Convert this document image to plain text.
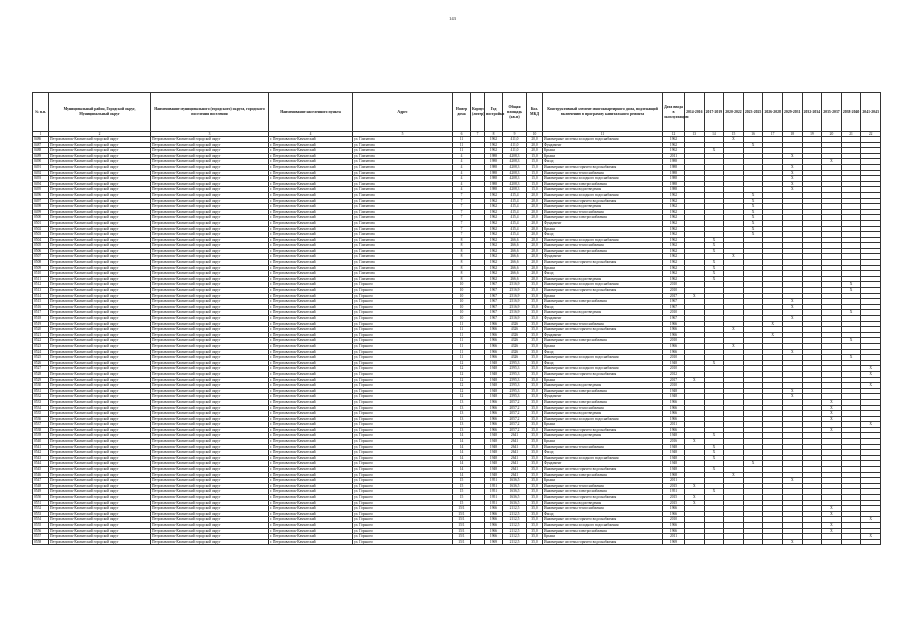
143
№ п.п.	Муниципальный район, Городской округ, Муниципальный округ	Наименование муниципального (городского) округа, городского поселения поселения	Наименование населенного пункта	Адрес	Номер дома	Корпус (литер)	Год постройки	Общая площадь (кв.м)	Кол. МКД	Конструктивный элемент многоквартирного дома, подлежащий включению в программу капитального ремонта	Дата ввода в эксплуатацию	2014-2016	2017-2019	2020-2022	2023-2025	2026-2028	2029-2031	2032-2034	2035-2037	2038-2040	2041-2043
1	2	3	4	5	6	7	8	9	10	11	12	13	14	15	16	17	18	19	20	21	22
0486	Петропавловск-Камчатский городской округ	Петропавловск-Камчатский городской округ	г. Петропавловск-Камчатский	ул. Гамзатова	11		1962	411,0	20,0	Инженерные системы холодного водоснабжения	1962			X							
0487	Петропавловск-Камчатский городской округ	Петропавловск-Камчатский городской округ	г. Петропавловск-Камчатский	ул. Гамзатова	11		1962	411,0	20,0	Фундамент	1962				X						
0488	Петропавловск-Камчатский городской округ	Петропавловск-Камчатский городской округ	г. Петропавловск-Камчатский	ул. Гамзатова	11		1962	411,0	20,0	Крыша	1962		X								
0489	Петропавловск-Камчатский городской округ	Петропавловск-Камчатский городской округ	г. Петропавловск-Камчатский	ул. Гамзатова	4		1988	4208,3	15,0	Крыша	2011						X				
0490	Петропавловск-Камчатский городской округ	Петропавловск-Камчатский городской округ	г. Петропавловск-Камчатский	ул. Гамзатова	4		1988	4208,3	15,0	Фасад	1988								X		
0491	Петропавловск-Камчатский городской округ	Петропавловск-Камчатский городской округ	г. Петропавловск-Камчатский	ул. Гамзатова	4		1988	4208,3	15,0	Инженерные системы горячего водоснабжения	1988						X				
0492	Петропавловск-Камчатский городской округ	Петропавловск-Камчатский городской округ	г. Петропавловск-Камчатский	ул. Гамзатова	4		1988	4208,3	15,0	Инженерные системы теплоснабжения	1988						X				
0493	Петропавловск-Камчатский городской округ	Петропавловск-Камчатский городской округ	г. Петропавловск-Камчатский	ул. Гамзатова	4		1988	4208,3	15,0	Инженерные системы холодного водоснабжения	1988						X				
0494	Петропавловск-Камчатский городской округ	Петропавловск-Камчатский городской округ	г. Петропавловск-Камчатский	ул. Гамзатова	4		1988	4208,3	15,0	Инженерные системы электроснабжения	1988						X				
0495	Петропавловск-Камчатский городской округ	Петропавловск-Камчатский городской округ	г. Петропавловск-Камчатский	ул. Гамзатова	4		1988	4208,3	15,0	Инженерные системы водоотведения	1988						X				
0496	Петропавловск-Камчатский городской округ	Петропавловск-Камчатский городской округ	г. Петропавловск-Камчатский	ул. Гамзатова	7		1962	415,4	20,0	Инженерные системы холодного водоснабжения	1962				X						
0497	Петропавловск-Камчатский городской округ	Петропавловск-Камчатский городской округ	г. Петропавловск-Камчатский	ул. Гамзатова	7		1962	415,4	20,0	Инженерные системы горячего водоснабжения	1962				X						
0498	Петропавловск-Камчатский городской округ	Петропавловск-Камчатский городской округ	г. Петропавловск-Камчатский	ул. Гамзатова	7		1962	415,4	20,0	Инженерные системы водоотведения	1962				X						
0499	Петропавловск-Камчатский городской округ	Петропавловск-Камчатский городской округ	г. Петропавловск-Камчатский	ул. Гамзатова	7		1962	415,4	20,0	Инженерные системы теплоснабжения	1962				X						
0500	Петропавловск-Камчатский городской округ	Петропавловск-Камчатский городской округ	г. Петропавловск-Камчатский	ул. Гамзатова	7		1962	415,4	20,0	Инженерные системы электроснабжения	1962				X						
0501	Петропавловск-Камчатский городской округ	Петропавловск-Камчатский городской округ	г. Петропавловск-Камчатский	ул. Гамзатова	7		1962	415,4	20,0	Фундамент	1962				X						
0502	Петропавловск-Камчатский городской округ	Петропавловск-Камчатский городской округ	г. Петропавловск-Камчатский	ул. Гамзатова	7		1962	415,4	20,0	Крыша	1962				X						
0503	Петропавловск-Камчатский городской округ	Петропавловск-Камчатский городской округ	г. Петропавловск-Камчатский	ул. Гамзатова	7		1962	415,4	20,0	Фасад	1962				X						
0504	Петропавловск-Камчатский городской округ	Петропавловск-Камчатский городской округ	г. Петропавловск-Камчатский	ул. Гамзатова	8		1962	266,6	20,0	Инженерные системы холодного водоснабжения	1962		X								
0505	Петропавловск-Камчатский городской округ	Петропавловск-Камчатский городской округ	г. Петропавловск-Камчатский	ул. Гамзатова	8		1962	266,6	20,0	Инженерные системы теплоснабжения	1962		X								
0506	Петропавловск-Камчатский городской округ	Петропавловск-Камчатский городской округ	г. Петропавловск-Камчатский	ул. Гамзатова	8		1962	266,6	20,0	Инженерные системы электроснабжения	1962		X								
0507	Петропавловск-Камчатский городской округ	Петропавловск-Камчатский городской округ	г. Петропавловск-Камчатский	ул. Гамзатова	8		1962	266,6	20,0	Фундамент	1962			X							
0508	Петропавловск-Камчатский городской округ	Петропавловск-Камчатский городской округ	г. Петропавловск-Камчатский	ул. Гамзатова	8		1962	266,6	20,0	Инженерные системы горячего водоснабжения	1962		X								
0509	Петропавловск-Камчатский городской округ	Петропавловск-Камчатский городской округ	г. Петропавловск-Камчатский	ул. Гамзатова	8		1962	266,6	20,0	Крыша	1962		X								
0510	Петропавловск-Камчатский городской округ	Петропавловск-Камчатский городской округ	г. Петропавловск-Камчатский	ул. Гамзатова	8		1962	266,6	20,0	Фасад	1962		X								
0511	Петропавловск-Камчатский городской округ	Петропавловск-Камчатский городской округ	г. Петропавловск-Камчатский	ул. Гамзатова	8		1962	266,6	20,0	Инженерные системы водоотведения	1962		X								
0512	Петропавловск-Камчатский городской округ	Петропавловск-Камчатский городской округ	г. Петропавловск-Камчатский	ул. Горького	10		1967	2516,9	35,0	Инженерные системы холодного водоснабжения	2010									X	
0513	Петропавловск-Камчатский городской округ	Петропавловск-Камчатский городской округ	г. Петропавловск-Камчатский	ул. Горького	10		1967	2516,9	35,0	Инженерные системы горячего водоснабжения	2010									X	
0514	Петропавловск-Камчатский городской округ	Петропавловск-Камчатский городской округ	г. Петропавловск-Камчатский	ул. Горького	10		1967	2516,9	35,0	Крыша	2017	X									
0515	Петропавловск-Камчатский городской округ	Петропавловск-Камчатский городской округ	г. Петропавловск-Камчатский	ул. Горького	10		1967	2516,9	35,0	Инженерные системы электроснабжения	1967						X				
0516	Петропавловск-Камчатский городской округ	Петропавловск-Камчатский городской округ	г. Петропавловск-Камчатский	ул. Горького	10		1967	2516,9	35,0	Фасад	1967						X				
0517	Петропавловск-Камчатский городской округ	Петропавловск-Камчатский городской округ	г. Петропавловск-Камчатский	ул. Горького	10		1967	2516,9	35,0	Инженерные системы водоотведения	2010									X	
0518	Петропавловск-Камчатский городской округ	Петропавловск-Камчатский городской округ	г. Петропавловск-Камчатский	ул. Горького	10		1967	2516,9	35,0	Фундамент	1967						X				
0519	Петропавловск-Камчатский городской округ	Петропавловск-Камчатский городской округ	г. Петропавловск-Камчатский	ул. Горького	11		1966	4326	35,0	Инженерные системы теплоснабжения	1966					X					
0520	Петропавловск-Камчатский городской округ	Петропавловск-Камчатский городской округ	г. Петропавловск-Камчатский	ул. Горького	11		1966	4326	35,0	Инженерные системы горячего водоснабжения	1966			X							
0521	Петропавловск-Камчатский городской округ	Петропавловск-Камчатский городской округ	г. Петропавловск-Камчатский	ул. Горького	11		1966	4326	35,0	Фундамент	1966					X					
0522	Петропавловск-Камчатский городской округ	Петропавловск-Камчатский городской округ	г. Петропавловск-Камчатский	ул. Горького	11		1966	4326	35,0	Инженерные системы электроснабжения	2010									X	
0523	Петропавловск-Камчатский городской округ	Петропавловск-Камчатский городской округ	г. Петропавловск-Камчатский	ул. Горького	11		1966	4326	35,0	Крыша	1966			X							
0524	Петропавловск-Камчатский городской округ	Петропавловск-Камчатский городской округ	г. Петропавловск-Камчатский	ул. Горького	11		1966	4326	35,0	Фасад	1966						X				
0525	Петропавловск-Камчатский городской округ	Петропавловск-Камчатский городской округ	г. Петропавловск-Камчатский	ул. Горького	11		1966	4326	35,0	Инженерные системы холодного водоснабжения	2010									X	
0526	Петропавловск-Камчатский городской округ	Петропавловск-Камчатский городской округ	г. Петропавловск-Камчатский	ул. Горького	12		1948	2595,3	35,0	Фасад	1948		X								
0527	Петропавловск-Камчатский городской округ	Петропавловск-Камчатский городской округ	г. Петропавловск-Камчатский	ул. Горького	12		1948	2595,3	35,0	Инженерные системы холодного водоснабжения	2010										X
0528	Петропавловск-Камчатский городской округ	Петропавловск-Камчатский городской округ	г. Петропавловск-Камчатский	ул. Горького	12		1948	2595,3	35,0	Инженерные системы горячего водоснабжения	2012										X
0529	Петропавловск-Камчатский городской округ	Петропавловск-Камчатский городской округ	г. Петропавловск-Камчатский	ул. Горького	12		1948	2595,3	35,0	Крыша	2017	X									
0530	Петропавловск-Камчатский городской округ	Петропавловск-Камчатский городской округ	г. Петропавловск-Камчатский	ул. Горького	12		1948	2595,3	35,0	Инженерные системы водоотведения	2010										X
0531	Петропавловск-Камчатский городской округ	Петропавловск-Камчатский городской округ	г. Петропавловск-Камчатский	ул. Горького	12		1948	2595,3	35,0	Инженерные системы электроснабжения	1948						X				
0532	Петропавловск-Камчатский городской округ	Петропавловск-Камчатский городской округ	г. Петропавловск-Камчатский	ул. Горького	12		1948	2595,3	35,0	Фундамент	1948						X				
0533	Петропавловск-Камчатский городской округ	Петропавловск-Камчатский городской округ	г. Петропавловск-Камчатский	ул. Горького	13		1966	2057,2	35,0	Инженерные системы электроснабжения	1966								X		
0534	Петропавловск-Камчатский городской округ	Петропавловск-Камчатский городской округ	г. Петропавловск-Камчатский	ул. Горького	13		1966	2057,2	35,0	Инженерные системы теплоснабжения	1966								X		
0535	Петропавловск-Камчатский городской округ	Петропавловск-Камчатский городской округ	г. Петропавловск-Камчатский	ул. Горького	13		1966	2057,2	35,0	Инженерные системы водоотведения	1966								X		
0536	Петропавловск-Камчатский городской округ	Петропавловск-Камчатский городской округ	г. Петропавловск-Камчатский	ул. Горького	13		1966	2057,2	35,0	Инженерные системы холодного водоснабжения	1966								X		
0537	Петропавловск-Камчатский городской округ	Петропавловск-Камчатский городской округ	г. Петропавловск-Камчатский	ул. Горького	13		1966	2057,2	35,0	Крыша	2011										X
0538	Петропавловск-Камчатский городской округ	Петропавловск-Камчатский городской округ	г. Петропавловск-Камчатский	ул. Горького	13		1966	2057,2	35,0	Инженерные системы горячего водоснабжения	1966								X		
0539	Петропавловск-Камчатский городской округ	Петропавловск-Камчатский городской округ	г. Петропавловск-Камчатский	ул. Горького	14		1948	2641	35,0	Инженерные системы водоотведения	1948		X								
0540	Петропавловск-Камчатский городской округ	Петропавловск-Камчатский городской округ	г. Петропавловск-Камчатский	ул. Горького	14		1948	2641	35,0	Крыша	2016	X									
0541	Петропавловск-Камчатский городской округ	Петропавловск-Камчатский городской округ	г. Петропавловск-Камчатский	ул. Горького	14		1948	2641	35,0	Инженерные системы теплоснабжения	1948		X								
0542	Петропавловск-Камчатский городской округ	Петропавловск-Камчатский городской округ	г. Петропавловск-Камчатский	ул. Горького	14		1948	2641	35,0	Фасад	1948		X								
0543	Петропавловск-Камчатский городской округ	Петропавловск-Камчатский городской округ	г. Петропавловск-Камчатский	ул. Горького	14		1948	2641	35,0	Инженерные системы холодного водоснабжения	1948		X								
0544	Петропавловск-Камчатский городской округ	Петропавловск-Камчатский городской округ	г. Петропавловск-Камчатский	ул. Горького	14		1948	2641	35,0	Фундамент	1948				X						
0545	Петропавловск-Камчатский городской округ	Петропавловск-Камчатский городской округ	г. Петропавловск-Камчатский	ул. Горького	14		1948	2641	35,0	Инженерные системы горячего водоснабжения	1948		X								
0546	Петропавловск-Камчатский городской округ	Петропавловск-Камчатский городской округ	г. Петропавловск-Камчатский	ул. Горького	14		1948	2641	35,0	Инженерные системы электроснабжения	1968			X							
0547	Петропавловск-Камчатский городской округ	Петропавловск-Камчатский городской округ	г. Петропавловск-Камчатский	ул. Горького	15		1951	1636,5	35,0	Крыша	2011						X				
0548	Петропавловск-Камчатский городской округ	Петропавловск-Камчатский городской округ	г. Петропавловск-Камчатский	ул. Горького	15		1951	1636,5	35,0	Инженерные системы теплоснабжения	2015	X									
0549	Петропавловск-Камчатский городской округ	Петропавловск-Камчатский городской округ	г. Петропавловск-Камчатский	ул. Горького	15		1951	1636,5	35,0	Инженерные системы электроснабжения	1951		X								
0550	Петропавловск-Камчатский городской округ	Петропавловск-Камчатский городской округ	г. Петропавловск-Камчатский	ул. Горького	15		1951	1636,5	35,0	Инженерные системы горячего водоснабжения	2015	X									
0551	Петропавловск-Камчатский городской округ	Петропавловск-Камчатский городской округ	г. Петропавловск-Камчатский	ул. Горького	15		1951	1636,5	35,0	Инженерные системы водоотведения	2015	X									
0552	Петропавловск-Камчатский городской округ	Петропавловск-Камчатский городской округ	г. Петропавловск-Камчатский	ул. Горького	15/1		1966	2112,5	35,0	Инженерные системы теплоснабжения	1966								X		
0553	Петропавловск-Камчатский городской округ	Петропавловск-Камчатский городской округ	г. Петропавловск-Камчатский	ул. Горького	15/1		1966	2112,5	35,0	Фасад	1966								X		
0554	Петропавловск-Камчатский городской округ	Петропавловск-Камчатский городской округ	г. Петропавловск-Камчатский	ул. Горького	15/1		1966	2112,5	35,0	Инженерные системы горячего водоснабжения	2010										X
0555	Петропавловск-Камчатский городской округ	Петропавловск-Камчатский городской округ	г. Петропавловск-Камчатский	ул. Горького	15/1		1966	2112,5	35,0	Инженерные системы холодного водоснабжения	1966								X		
0556	Петропавловск-Камчатский городской округ	Петропавловск-Камчатский городской округ	г. Петропавловск-Камчатский	ул. Горького	15/1		1966	2112,5	35,0	Инженерные системы электроснабжения	1966								X		
0557	Петропавловск-Камчатский городской округ	Петропавловск-Камчатский городской округ	г. Петропавловск-Камчатский	ул. Горького	15/1		1966	2112,5	35,0	Крыша	2011										X
0558	Петропавловск-Камчатский городской округ	Петропавловск-Камчатский городской округ	г. Петропавловск-Камчатский	ул. Горького	15/1		1969	2112,5	35,0	Инженерные системы горячего водоснабжения	1969						X				
